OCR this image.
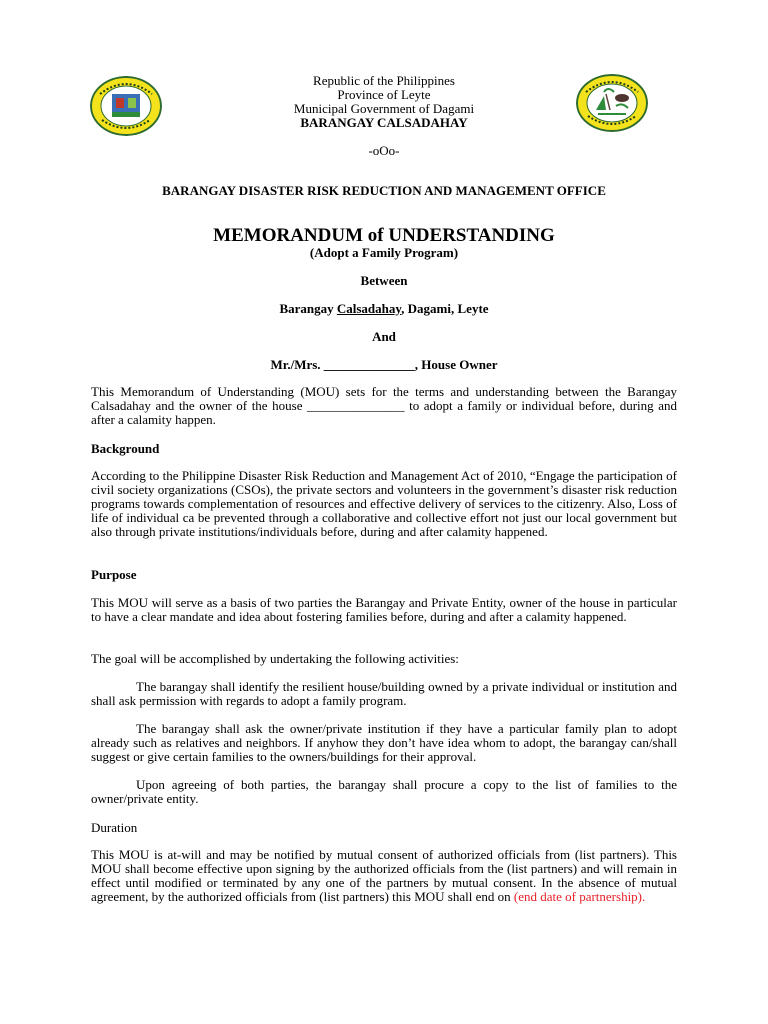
Republic of the Philippines
Province of Leyte
Municipal Government of Dagami
BARANGAY CALSADAHAY
-oOo-
BARANGAY DISASTER RISK REDUCTION AND MANAGEMENT OFFICE
MEMORANDUM of UNDERSTANDING
(Adopt a Family Program)
Between
Barangay Calsadahay, Dagami, Leyte
And
Mr./Mrs. ______________, House Owner
This Memorandum of Understanding (MOU) sets for the terms and understanding between the Barangay Calsadahay and the owner of the house _______________ to adopt a family or individual before, during and after a calamity happen.
Background
According to the Philippine Disaster Risk Reduction and Management Act of 2010, “Engage the participation of civil society organizations (CSOs), the private sectors and volunteers in the government’s disaster risk reduction programs towards complementation of resources and effective delivery of services to the citizenry. Also, Loss of life of individual ca be prevented through a collaborative and collective effort not just our local government but also through private institutions/individuals before, during and after calamity happened.
Purpose
This MOU will serve as a basis of two parties the Barangay and Private Entity, owner of the house in particular to have a clear mandate and idea about fostering families before, during and after a calamity happened.
The goal will be accomplished by undertaking the following activities:
The barangay shall identify the resilient house/building owned by a private individual or institution and shall ask permission with regards to adopt a family program.
The barangay shall ask the owner/private institution if they have a particular family plan to adopt already such as relatives and neighbors. If anyhow they don’t have idea whom to adopt, the barangay can/shall suggest or give certain families to the owners/buildings for their approval.
Upon agreeing of both parties, the barangay shall procure a copy to the list of families to the owner/private entity.
Duration
This MOU is at-will and may be notified by mutual consent of authorized officials from (list partners). This MOU shall become effective upon signing by the authorized officials from the (list partners) and will remain in effect until modified or terminated by any one of the partners by mutual consent. In the absence of mutual agreement, by the authorized officials from (list partners) this MOU shall end on (end date of partnership).
